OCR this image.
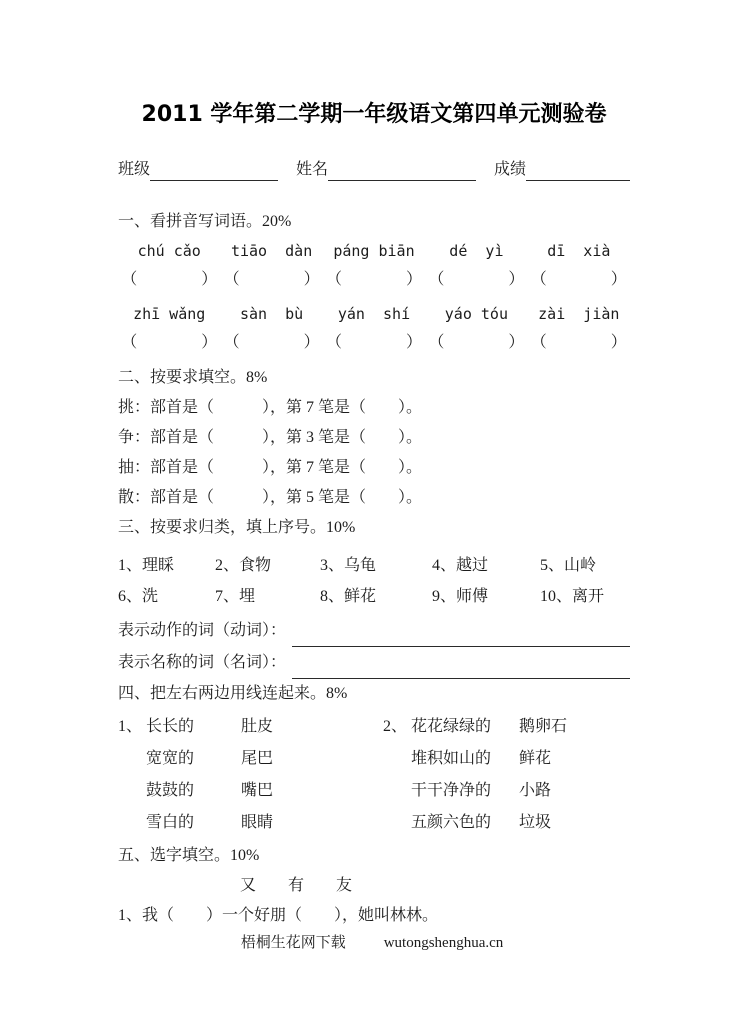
2011 学年第二学期一年级语文第四单元测验卷
班级	姓名	成绩
一、看拼音写词语。20%
chú cǎo	tiāo  dàn	páng biān	dé  yì	dī  xià
（　　　　） （　　　　） （　　　　） （　　　　） （　　　　）
zhī wǎng	sàn  bù	yán  shí	yáo tóu	zài  jiàn
（　　　　） （　　　　） （　　　　） （　　　　） （　　　　）
二、按要求填空。8%
挑：部首是（　　　），第 7 笔是（　　）。
争：部首是（　　　），第 3 笔是（　　）。
抽：部首是（　　　），第 7 笔是（　　）。
散：部首是（　　　），第 5 笔是（　　）。
三、按要求归类，填上序号。10%
1、理睬	2、食物	3、乌龟	4、越过	5、山岭
6、洗	7、埋	8、鲜花	9、师傅	10、离开
表示动作的词（动词）：
表示名称的词（名词）：
四、把左右两边用线连起来。8%
1、 长长的	肚皮
宽宽的	尾巴
鼓鼓的	嘴巴
雪白的	眼睛
2、 花花绿绿的	鹅卵石
堆积如山的	鲜花
干干净净的	小路
五颜六色的	垃圾
五、选字填空。10%
又　　有　　友
1、我（　　）一个好朋（　　），她叫林林。
梧桐生花网下载	wutongshenghua.cn
